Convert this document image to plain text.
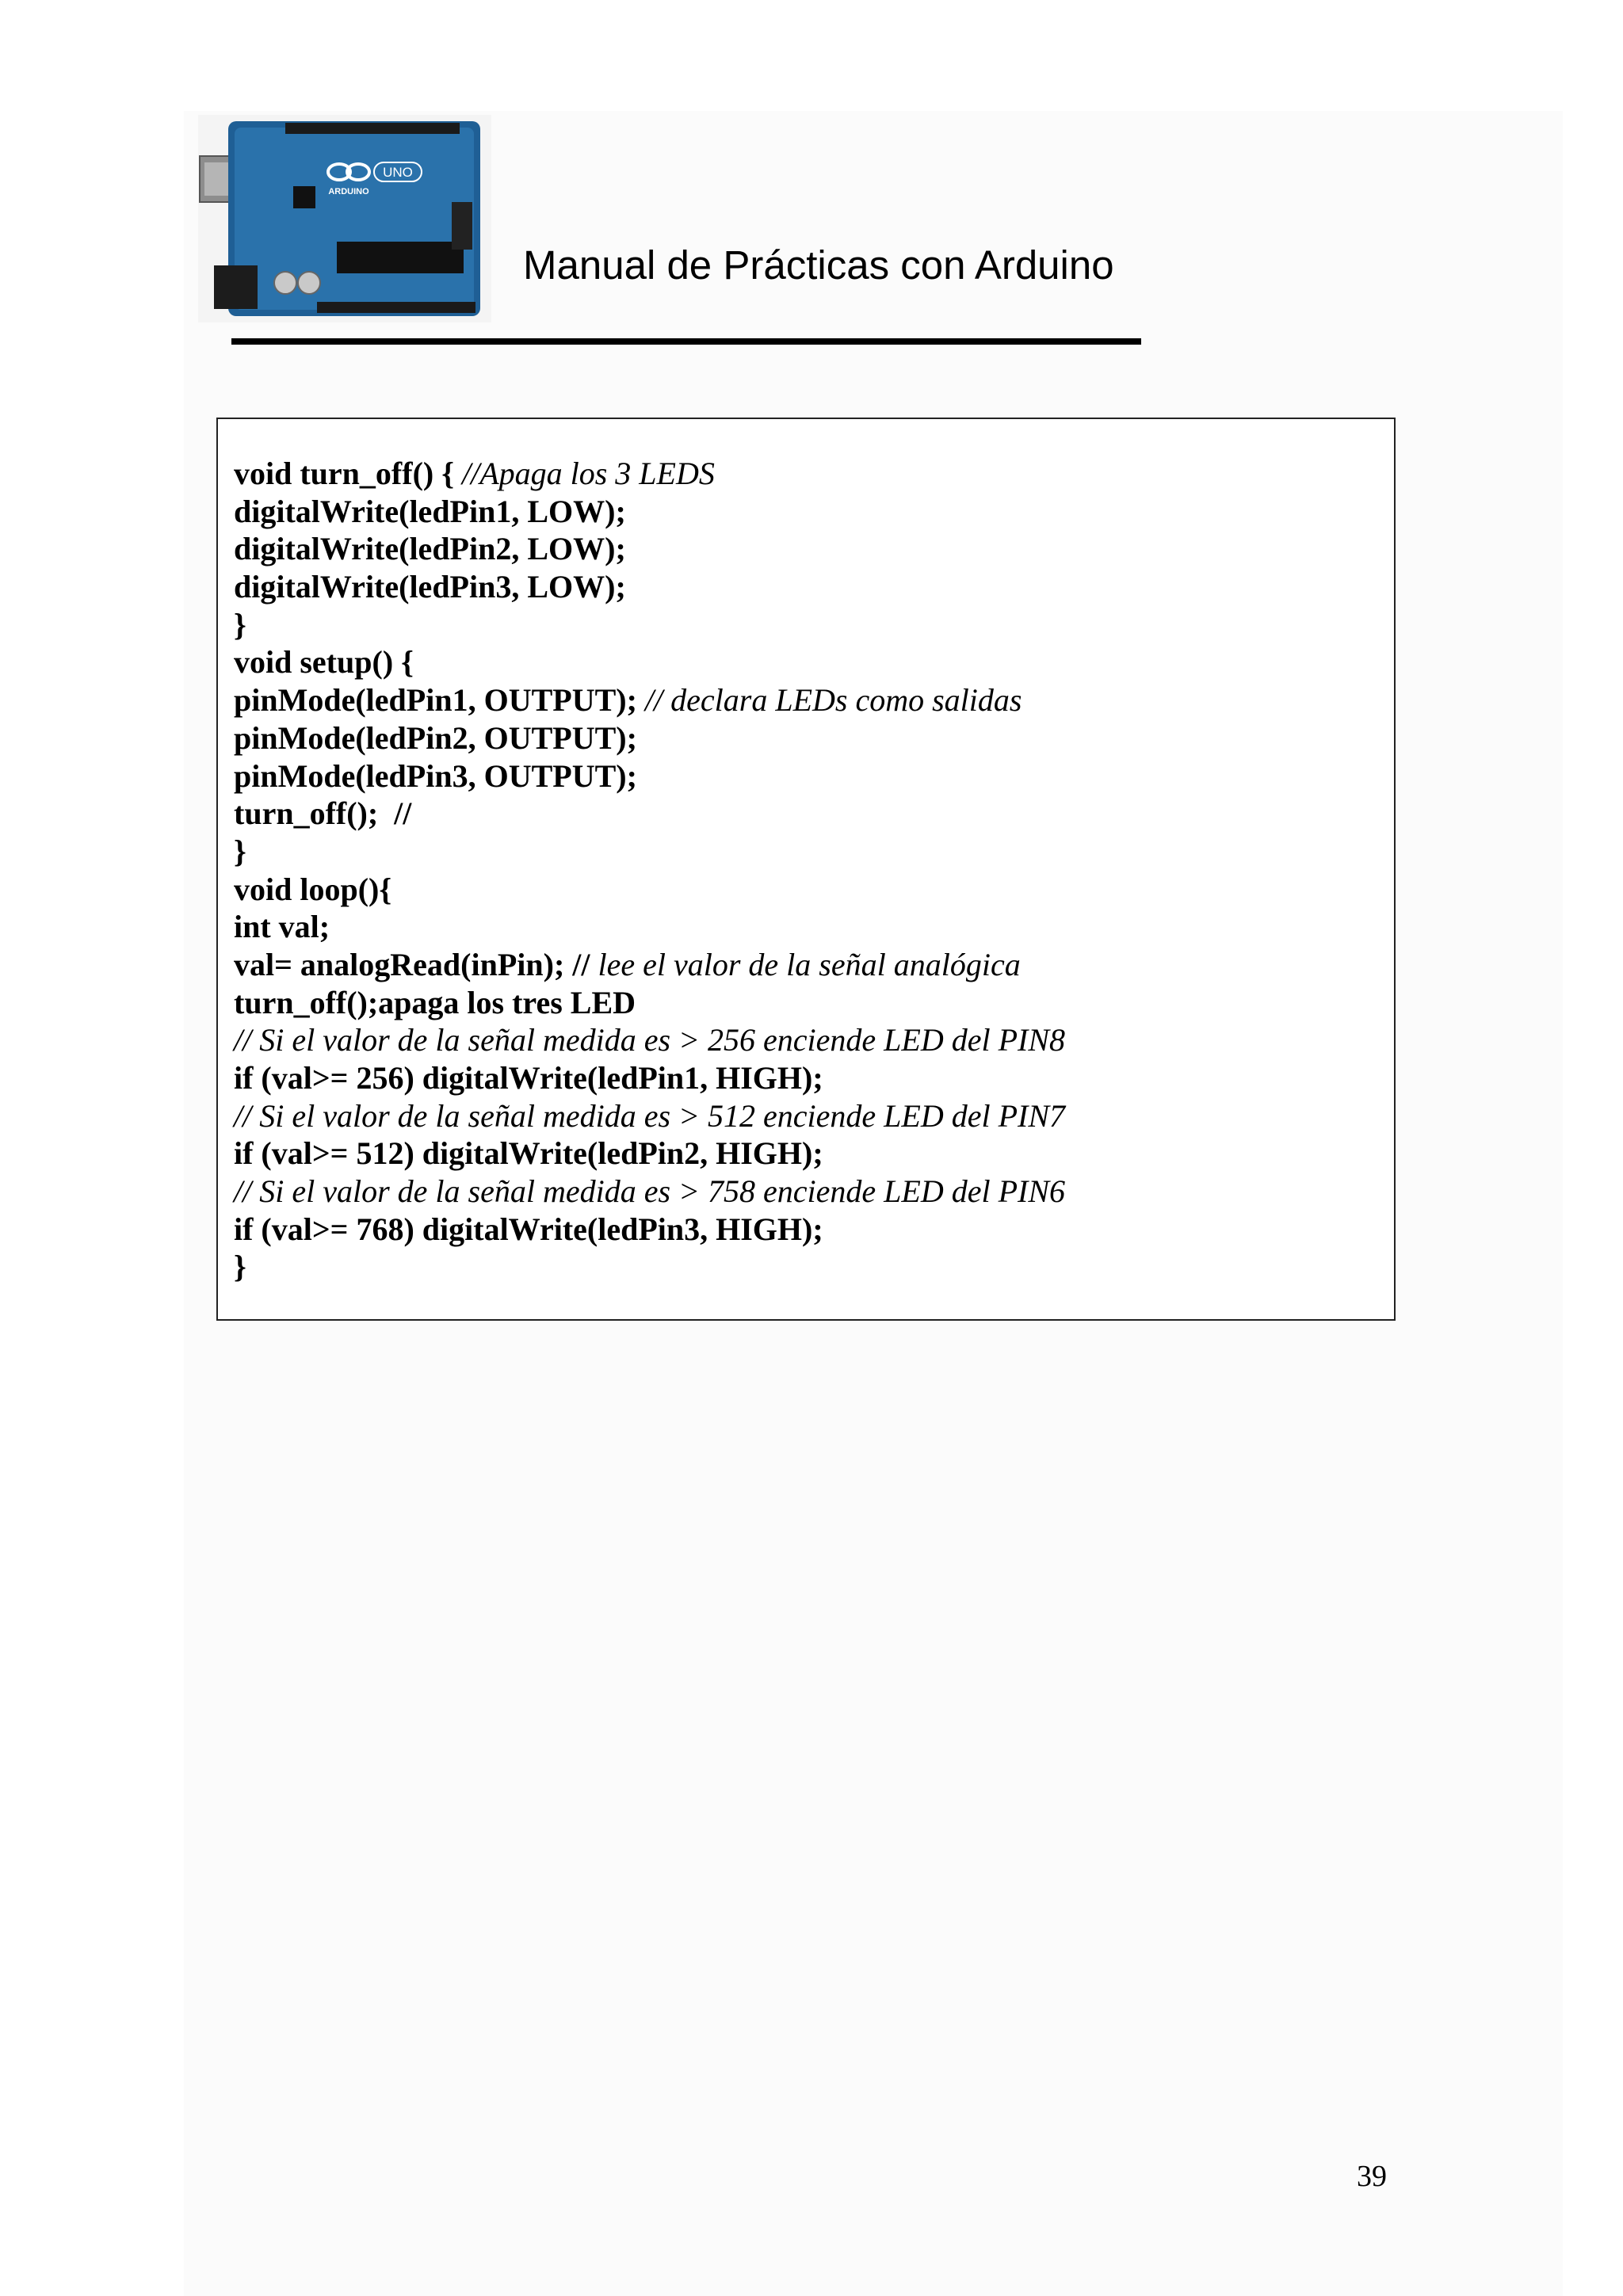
UNO
ARDUINO
Manual de Prácticas con Arduino
void turn_off() { //Apaga los 3 LEDS
digitalWrite(ledPin1, LOW);
digitalWrite(ledPin2, LOW);
digitalWrite(ledPin3, LOW);
}
void setup() {
pinMode(ledPin1, OUTPUT); // declara LEDs como salidas
pinMode(ledPin2, OUTPUT);
pinMode(ledPin3, OUTPUT);
turn_off();  //
}
void loop(){
int val;
val= analogRead(inPin); // lee el valor de la señal analógica
turn_off();apaga los tres LED
// Si el valor de la señal medida es > 256 enciende LED del PIN8
if (val>= 256) digitalWrite(ledPin1, HIGH);
// Si el valor de la señal medida es > 512 enciende LED del PIN7
if (val>= 512) digitalWrite(ledPin2, HIGH);
// Si el valor de la señal medida es > 758 enciende LED del PIN6
if (val>= 768) digitalWrite(ledPin3, HIGH);
}
39
